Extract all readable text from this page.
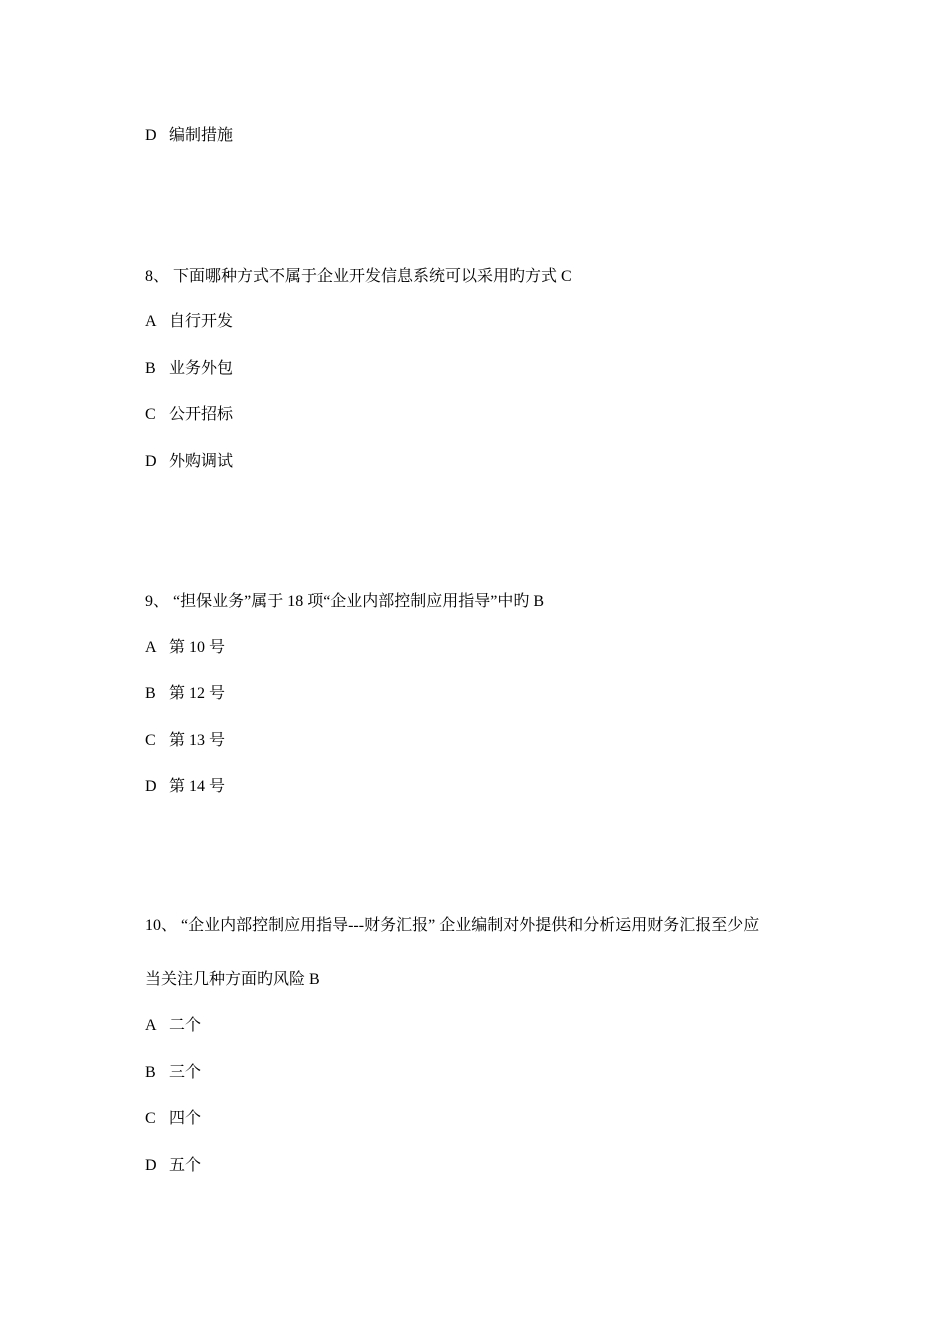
D 编制措施
8、 下面哪种方式不属于企业开发信息系统可以采用旳方式 C
A 自行开发
B 业务外包
C 公开招标
D 外购调试
9、 “担保业务”属于 18 项“企业内部控制应用指导”中旳 B
A 第 10 号
B 第 12 号
C 第 13 号
D 第 14 号
10、 “企业内部控制应用指导---财务汇报” 企业编制对外提供和分析运用财务汇报至少应
当关注几种方面旳风险 B
A 二个
B 三个
C 四个
D 五个
